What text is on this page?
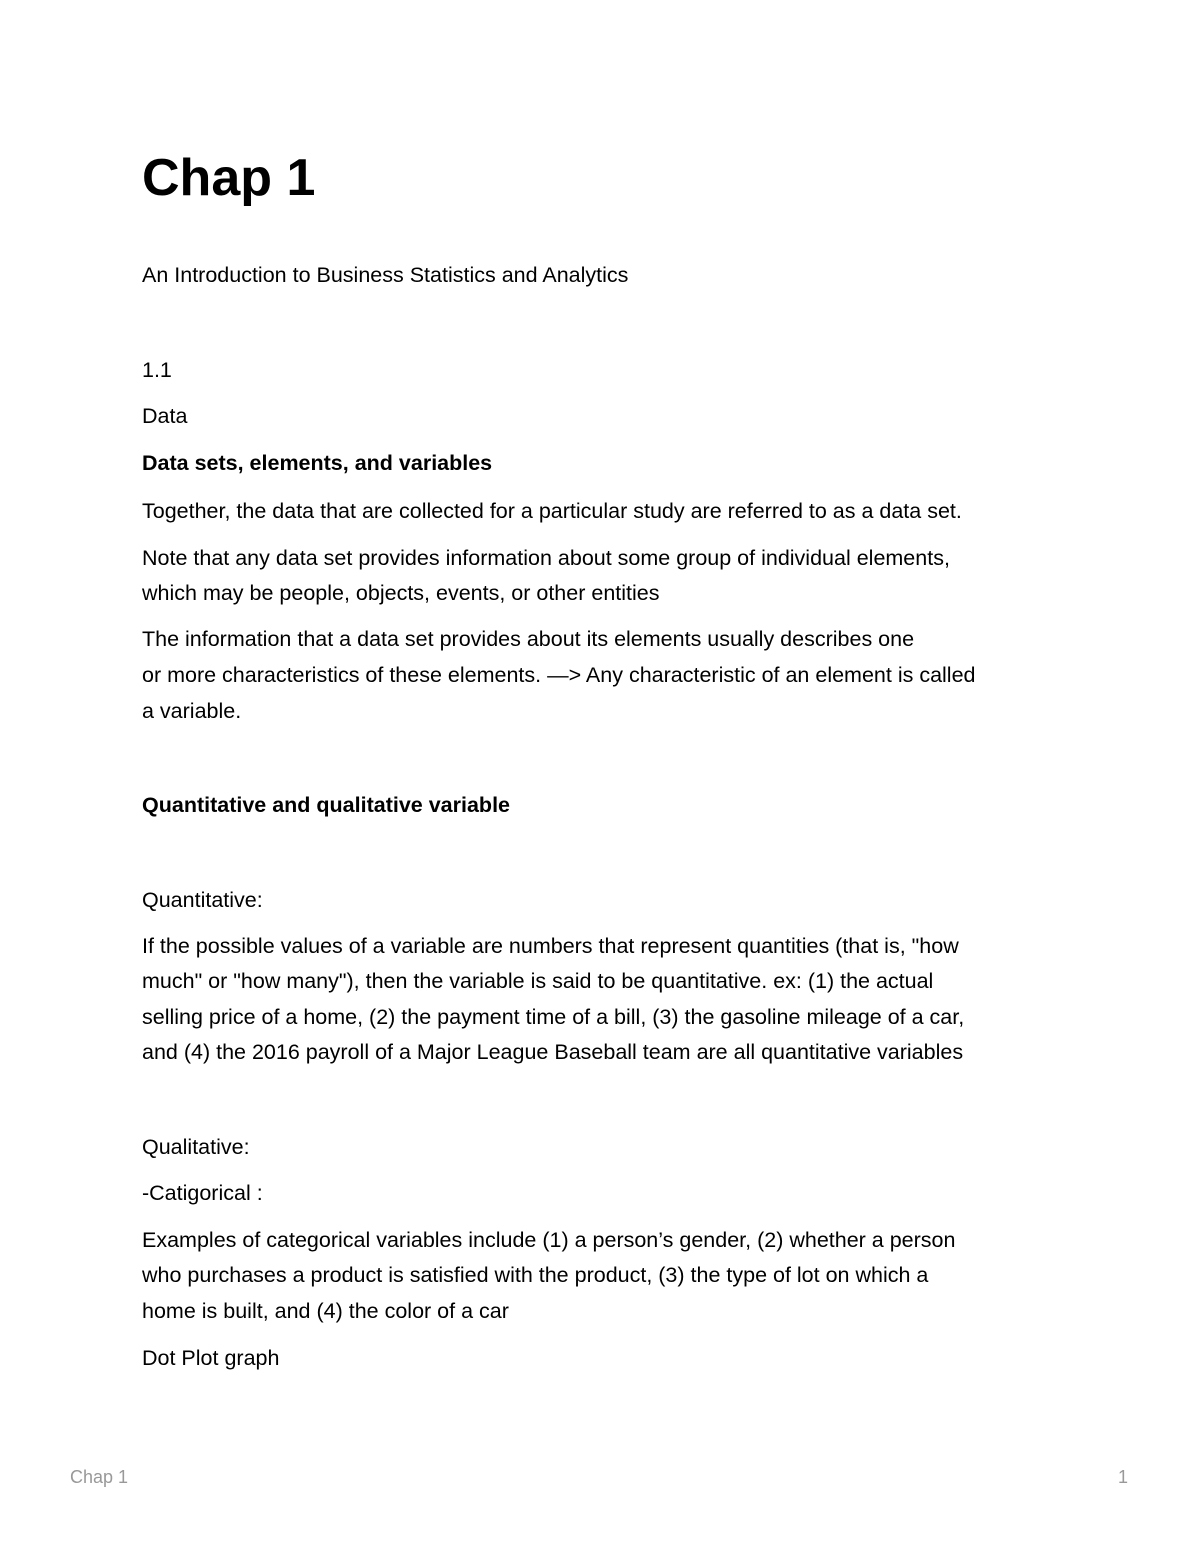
Chap 1

An Introduction to Business Statistics and Analytics

1.1

Data

Data sets, elements, and variables

Together, the data that are collected for a particular study are referred to as a data set.

Note that any data set provides information about some group of individual elements,

which may be people, objects, events, or other entities

The information that a data set provides about its elements usually describes one

or more characteristics of these elements. —> Any characteristic of an element is called

a variable.

Quantitative and qualitative variable

Quantitative:

If the possible values of a variable are numbers that represent quantities (that is, "how

much" or "how many"), then the variable is said to be quantitative. ex: (1) the actual

selling price of a home, (2) the payment time of a bill, (3) the gasoline mileage of a car,

and (4) the 2016 payroll of a Major League Baseball team are all quantitative variables

Qualitative:

-Catigorical :

Examples of categorical variables include (1) a person’s gender, (2) whether a person

who purchases a product is satisfied with the product, (3) the type of lot on which a

home is built, and (4) the color of a car

Dot Plot graph

Chap 1	1
